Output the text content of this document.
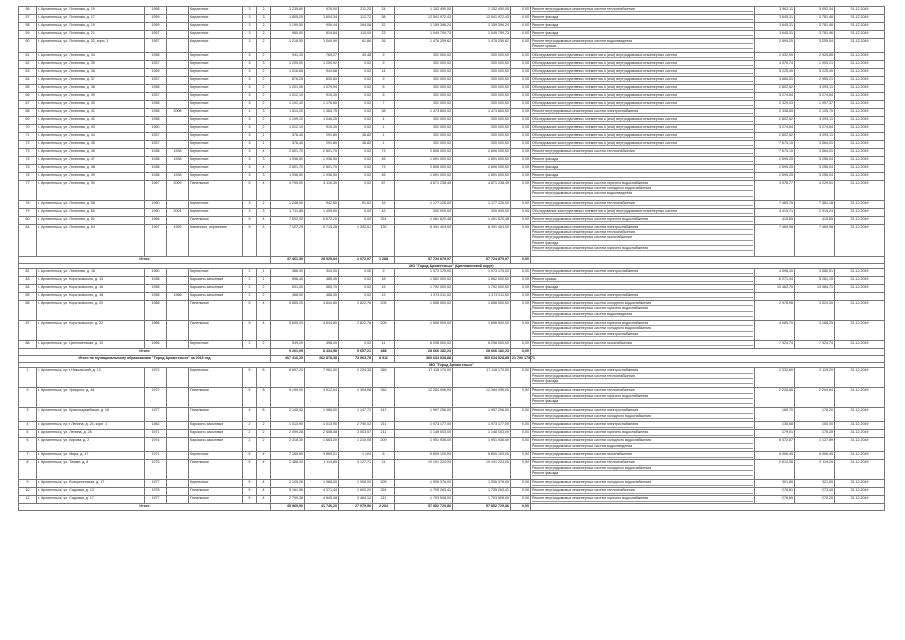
56	г. Архангельск, ул. Логинова, д. 15	1958		Кирпичные	3	2	1 235,80	976,00	211,25	24	1 152 490,00	1 152 490,00	0,00	Ремонт внутридомовых инженерных систем теплоснабжения	3 962,11	5 092,34	31.12.2049
57	г. Архангельск, ул. Логинова, д. 17	1959		Кирпичные	3	3	1 805,20	1 604,34	112,72	38	12 541 972,43	12 541 972,43	0,00	Ремонт фасада	3 645,31	3 781,46	31.12.2049
58	г. Архангельск, ул. Логинова, д. 19	1959		Кирпичные	3	2	1 199,50	906,44	164,06	32	1 159 396,24	1 159 396,24	0,00	Ремонт фасада	3 645,31	3 781,46	31.12.2049
59	г. Архангельск, ул. Логинова, д. 21	1957		Кирпичные	3	2	980,00	819,84	110,09	23	1 049 799,73	1 049 799,73	0,00	Ремонт фасада	3 645,31	3 781,46	31.12.2049
60	г. Архангельск, ул. Логинова, д. 32, корп. 1	1957		Кирпичные	3	2	1 218,50	1 040,99	61,66	26	1 478 259,62	1 478 259,62	0,00	Ремонт внутридомовых инженерных систем водоотведения
Ремонт крыши	2 595,25	3 255,04	31.12.2049
61	г. Архангельск, ул. Логинова, д. 34	1958		Кирпичные	3	2	941,30	769,27	40,48	9	300 000,00	300 000,00	0,00	Обследование конструктивных элементов и (или) внутридомовых инженерных систем	2 432,90	2 925,85	31.12.2049
62	г. Архангельск, ул. Логинова, д. 35	1957		Кирпичные	3	3	1 295,00	1 250,92	0,00	9	300 000,00	300 000,00	0,00	Обследование конструктивных элементов и (или) внутридомовых инженерных систем	4 375,74	1 995,21	31.12.2049
63	г. Архангельск, ул. Логинова, д. 36	1959		Кирпичные	3	2	1 018,85	944,68	0,00	14	300 000,00	300 000,00	0,00	Обследование конструктивных элементов и (или) внутридомовых инженерных систем	5 225,40	5 225,40	31.12.2049
64	г. Архангельск, ул. Логинова, д. 37	1957		Кирпичные	3	2	876,25	830,60	0,00	9	300 000,00	300 000,00	0,00	Обследование конструктивных элементов и (или) внутридомовых инженерных систем	3 665,51	2 955,21	31.12.2049
65	г. Архангельск, ул. Логинова, д. 38	1958		Кирпичные	3	2	1 201,06	1 079,94	0,00	8	300 000,00	300 000,00	0,00	Обследование конструктивных элементов и (или) внутридомовых инженерных систем	2 802,52	3 093,11	31.12.2049
66	г. Архангельск, ул. Логинова, д. 39	1957		Кирпичные	3	2	1 012,10	915,30	0,00	5	300 000,00	300 000,00	0,00	Обследование конструктивных элементов и (или) внутридомовых инженерных систем	3 274,84	3 274,84	31.12.2049
67	г. Архангельск, ул. Логинова, д. 40	1958		Кирпичные	3	2	1 192,40	1 176,60	0,00	7	300 000,00	300 000,00	0,00	Обследование конструктивных элементов и (или) внутридомовых инженерных систем	2 329,03	1 997,37	31.12.2049
68	г. Архангельск, ул. Логинова, д. 41	1958	2008	Кирпичные	4	3	1 514,20	1 384,75	0,00	38	1 473 800,00	1 473 800,00	0,00	Ремонт внутридомовых инженерных систем электроснабжения	2 338,65	2 105,70	31.12.2049
69	г. Архангельск, ул. Логинова, д. 42	1958		Кирпичные	3	2	1 199,10	1 046,20	0,00	4	300 000,00	300 000,00	0,00	Обследование конструктивных элементов и (или) внутридомовых инженерных систем	2 802,52	3 093,11	31.12.2049
70	г. Архангельск, ул. Логинова, д. 43	1960		Кирпичные	3	2	1 012,10	915,30	0,00	1	300 000,00	300 000,00	0,00	Обследование конструктивных элементов и (или) внутридомовых инженерных систем	3 274,84	3 274,84	31.12.2049
71	г. Архангельск, ул. Логинова, д. 44	1957		Кирпичные	3	1	376,40	291,80	46,80	1	300 000,00	300 000,00	0,00	Обследование конструктивных элементов и (или) внутридомовых инженерных систем	2 802,52	3 093,11	31.12.2049
72	г. Архангельск, ул. Логинова, д. 45	1957		Кирпичные	3	1	376,40	291,80	46,80	1	300 000,00	300 000,00	0,00	Обследование конструктивных элементов и (или) внутридомовых инженерных систем	7 675,10	3 564,01	31.12.2049
73	г. Архангельск, ул. Логинова, д. 46	1938	1938	Кирпичные	3	4	2 601,70	2 601,70	0,00	73	2 806 000,00	2 806 000,00	0,00	Ремонт внутридомовых инженерных систем теплоснабжения	7 675,10	3 564,01	31.12.2049
74	г. Архангельск, ул. Логинова, д. 47	1938	1938	Кирпичные	3	3	1 936,50	1 936,50	0,00	46	1 891 000,00	1 891 000,00	0,00	Ремонт фасада	2 595,25	3 255,04	31.12.2049
75	г. Архангельск, ул. Логинова, д. 48	1938		Кирпичные	3	4	2 601,70	2 601,70	0,00	73	2 806 000,00	2 806 000,00	0,00	Ремонт фасада	2 595,25	3 255,04	31.12.2049
76	г. Архангельск, ул. Логинова, д. 49	1938	1938	Кирпичные	3	3	1 936,50	1 936,50	0,00	46	1 891 000,00	1 891 000,00	0,00	Ремонт фасада	2 595,25	3 255,04	31.12.2049
77	г. Архангельск, ул. Логинова, д. 50	1967	2009	Панельные	5	4	4 795,00	4 116,30	0,00	87	4 871 238,45	4 871 238,45	0,00	Ремонт внутридомовых инженерных систем горячего водоснабжения
Ремонт внутридомовых инженерных систем холодного водоснабжения
Ремонт внутридомовых инженерных систем водоотведения	3 978,77	4 229,51	31.12.2049
78	г. Архангельск, ул. Логинова, д. 58	1960		Кирпичные	3	2	1 248,00	942,80	91,62	16	1 177 126,00	1 177 126,00	0,00	Ремонт внутридомовых инженерных систем теплоснабжения	7 465,76	7 384,18	31.12.2049
79	г. Архангельск, ул. Логинова, д. 60	1960	2001	Кирпичные	3	3	1 711,85	1 405,60	0,00	42	300 000,00	300 000,00	0,00	Обследование конструктивных элементов и (или) внутридомовых инженерных систем	4 415,71	2 915,24	31.12.2049
80	г. Архангельск, ул. Логинова, д. 62	1966		Панельные	5	4	7 002,00	6 672,20	0,00	251	1 461 620,48	1 461 620,48	0,00	Ремонт внутридомовых инженерных систем горячего водоснабжения	415,65	415,65	31.12.2049
81	г. Архангельск, ул. Логинова, д. 64	1967	1995	Каменные, кирпичные	5	6	7 107,29	5 715,28	1 392,01	130	8 391 404,00	8 391 404,00	0,00	Ремонт внутридомовых инженерных систем электроснабжения
Ремонт внутридомовых инженерных систем теплоснабжения
Ремонт внутридомовых инженерных систем газоснабжения
Ремонт фасада
Ремонт внутридомовых инженерных систем горячего водоснабжения	7 465,98	7 465,98	31.12.2049
Итого							37 461,30	28 925,84	2 072,97	1 288	57 724 879,97	57 724 879,97	0,00				
МО "Город Архангельск" (Цигломенский округ)																	
82	г. Архангельск, ул. Лочехова, д. 18	1960		Кирпичные	2	1	386,90	344,00	0,00	9	1 073 175,00	1 073 175,00	0,00	Ремонт внутридомовых инженерных систем электроснабжения	4 598,10	3 580,51	31.12.2049
83	г. Архангельск, ул. Коротковского, д. 13	1938		Каркасно-засыпные	2	1	556,40	485,40	0,00	18	1 562 000,00	1 562 000,00	0,00	Ремонт крыши	6 271,44	5 281,15	31.12.2049
84	г. Архангельск, ул. Коротковского, д. 16	1958		Каркасно-засыпные	2	2	631,00	560,70	0,00	19	1 792 000,00	1 792 000,00	0,00	Ремонт фасада	10 462,70	13 984,71	31.12.2049
85	г. Архангельск, ул. Коротковского, д. 18	1958	1966	Каркасно-засыпные	2	2	488,90	468,30	0,00	12	1 373 011,00	1 373 011,00	0,00	Ремонт внутридомовых инженерных систем электроснабжения			

86	г. Архангельск, ул. Коротковского, д. 20	1968		Панельные	5	4	5 655,20	4 844,80	2 822,76	205	1 656 500,00	1 656 500,00	0,00	Ремонт внутридомовых инженерных систем холодного водоснабжения
Ремонт внутридомовых инженерных систем горячего водоснабжения
Ремонт внутридомовых инженерных систем водоотведения	2 978,96	3 524,30	31.12.2049
87	г. Архангельск, ул. Коротковского, д. 22	1986		Панельные	5	4	5 605,20	4 844,80	2 822,76	205	1 656 500,00	1 656 500,00	0,00	Ремонт внутридомовых инженерных систем горячего водоснабжения
Ремонт внутридомовых инженерных систем холодного водоснабжения
Ремонт внутридомовых инженерных систем электроснабжения	4 085,70	3 188,25	31.12.2049
88	г. Архангельск, ул. Цигломенская, д. 10	1956		Кирпичные	2	2	549,20	498,20	0,00	11	6 298 000,00	6 298 000,00	0,00	Ремонт внутридомовых инженерных систем газоснабжения	7 924,74	7 924,74	31.12.2049
Итого							9 201,99	8 434,58	5 657,21	488	28 666 182,23	28 666 182,23	0,00				
Итого по муниципальному образованию "Город Архангельск" за 2016 год							407 416,29	362 878,38	73 963,79	8 511	360 634 928,88	360 634 928,88	21 790 179,71				
МО "Город Архангельск"																	
1	г. Архангельск, пр-т Никольский, д. 13	1972		Кирпичные	5	8	8 697,20	7 961,00	2 234,35	360	17 118 170,00	17 118 170,00	0,00	Ремонт внутридомовых инженерных систем электроснабжения
Ремонт внутридомовых инженерных систем теплоснабжения
Ремонт фасада	2 332,69	2 115,29	31.12.2049
2	г. Архангельск, ул. Урицкого, д. 46	1972		Панельные	5	8	5 199,00	3 512,04	2 304,08	262	12 284 096,00	12 284 096,00	0,00	Ремонт внутридомовых инженерных систем теплоснабжения
Ремонт внутридомовых инженерных систем горячего водоснабжения
Ремонт фасада	2 228,65	2 204,64	31.12.2049
3	г. Архангельск, ул. Красноармейская, д. 16	1977		Панельные	4	8	2 145,52	1 988,00	1 147,72	247	1 997 256,00	1 997 256,00	0,00	Ремонт внутридомовых инженерных систем электроснабжения
Ремонт внутридомовых инженерных систем холодного водоснабжения	189,70	176,20	31.12.2049
4	г. Архангельск, пр-т Ленина, д. 24, корп. 1	1982		Каркасно-засыпные	2	2	1 013,90	1 013,90	2 790,02	211	1 973 177,00	1 973 177,00	0,00	Ремонт внутридомовых инженерных систем электроснабжения	136,68	150,00	31.12.2049
5	г. Архангельск, ул. Ленина, д. 28	1971		Каркасно-засыпные	2	2	2 099,28	2 608,48	2 003,07	211	1 148 003,00	1 148 003,00	0,00	Ремонт внутридомовых инженерных систем горячего водоснабжения	179,01	176,20	31.12.2049
6	г. Архангельск, ул. Кирова, д. 2	1974		Каркасно-засыпные	2	2	2 318,30	1 663,20	1 210,05	209	1 951 936,00	1 951 936,00	0,00	Ремонт внутридомовых инженерных систем холодного водоснабжения
Ремонт внутридомовых инженерных систем водоотведения	6 472,87	1 127,89	31.12.2049
7	г. Архангельск, ул. Мира, д. 17	1971		Кирпичные	5	4	7 165,60	3 869,21	1 104	8	5 805 100,00	5 805 100,00	0,00	Ремонт внутридомовых инженерных систем газоснабжения	6 396,45	6 396,45	31.12.2049
8	г. Архангельск, ул. Тимме, д. 8	1975		Панельные	5	4	2 488,20	1 114,89	3 127,71	21	10 101 224,00	10 101 224,00	0,00	Ремонт внутридомовых инженерных систем теплоснабжения
Ремонт внутридомовых инженерных систем холодного водоснабжения
Ремонт фасада	2 612,08	2 119,29	31.12.2049
9	г. Архангельск, ул. Воскресенская, д. 17	1977		Кирпичные	5	4	2 105,26	1 968,00	1 908,00	305	1 906 376,00	1 906 376,00	0,00	Ремонт внутридомовых инженерных систем холодного водоснабжения	301,80	321,60	31.12.2049
10	г. Архангельск, ул. Садовая, д. 13	1978		Панельные	5	4	5 161,56	4 371,44	1 600,20	254	1 705 263,41	1 705 263,41	0,00	Ремонт внутридомовых инженерных систем теплоснабжения	278,81	273,40	31.12.2049
11	г. Архангельск, ул. Садовая, д. 17	1977		Панельные	5	4	2 799,38	4 845,48	3 484,12	211	1 793 508,00	1 793 508,00	0,00	Ремонт внутридомовых инженерных систем горячего водоснабжения	276,65	270,20	31.12.2049
Итого							45 969,50	41 740,20	27 079,56	2 264	57 852 729,86	57 852 729,86	0,00				
